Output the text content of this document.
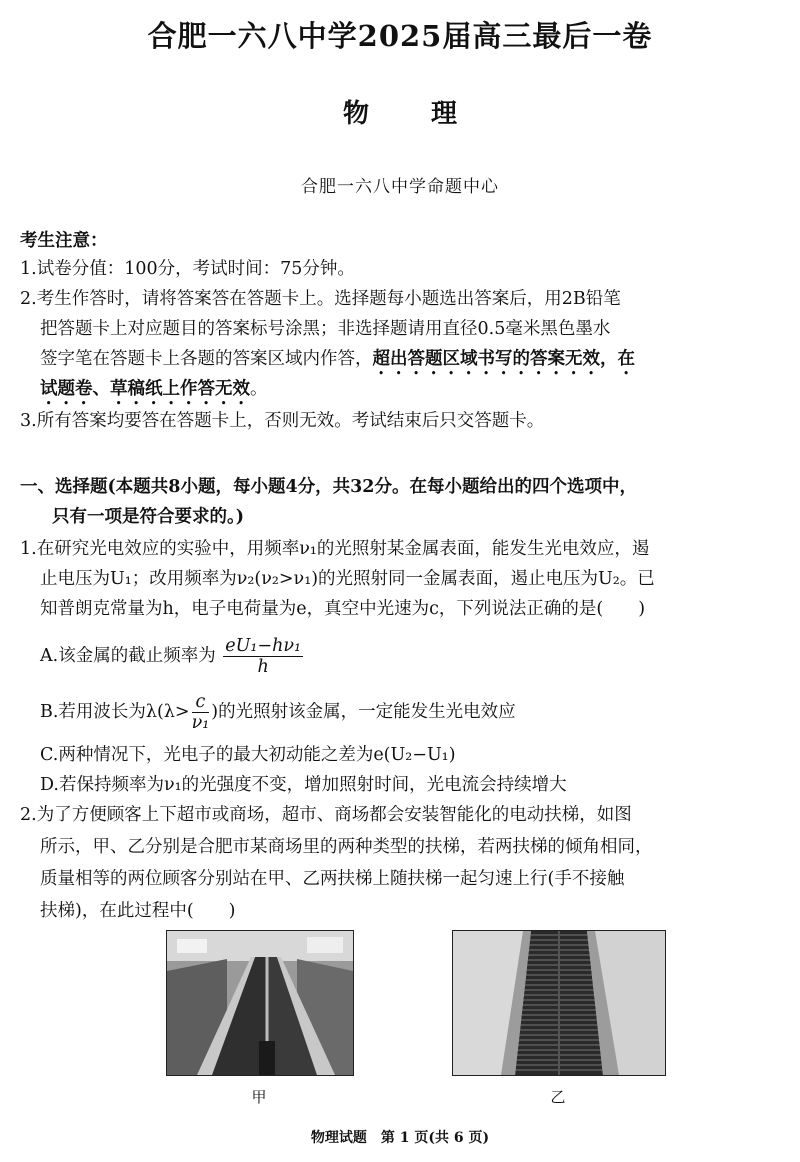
合肥一六八中学2025届高三最后一卷
物 理
合肥一六八中学命题中心
考生注意：
1.试卷分值：100分，考试时间：75分钟。
2.考生作答时，请将答案答在答题卡上。选择题每小题选出答案后，用2B铅笔
把答题卡上对应题目的答案标号涂黑；非选择题请用直径0.5毫米黑色墨水
签字笔在答题卡上各题的答案区域内作答，超出答题区域书写的答案无效，在
试题卷、草稿纸上作答无效。
3.所有答案均要答在答题卡上，否则无效。考试结束后只交答题卡。
一、选择题(本题共8小题，每小题4分，共32分。在每小题给出的四个选项中，
只有一项是符合要求的。)
1.在研究光电效应的实验中，用频率ν₁的光照射某金属表面，能发生光电效应，遏
止电压为U₁；改用频率为ν₂(ν₂>ν₁)的光照射同一金属表面，遏止电压为U₂。已
知普朗克常量为h，电子电荷量为e，真空中光速为c，下列说法正确的是(　　)
A.该金属的截止频率为 $\frac{\text{eU₁−hν₁}}{h}$
B.若用波长为$\lambda(\lambda> \frac{c}{\text{ν₁}}$ )的光照射该金属，一定能发生光电效应
C.两种情况下，光电子的最大初动能之差为e(U₂−U₁)
D.若保持频率为ν₁的光强度不变，增加照射时间，光电流会持续增大
2.为了方便顾客上下超市或商场，超市、商场都会安装智能化的电动扶梯，如图
所示，甲、乙分别是合肥市某商场里的两种类型的扶梯，若两扶梯的倾角相同，
质量相等的两位顾客分别站在甲、乙两扶梯上随扶梯一起匀速上行(手不接触
扶梯)，在此过程中(　　)
甲	乙
物理试题　第 1 页(共 6 页)
